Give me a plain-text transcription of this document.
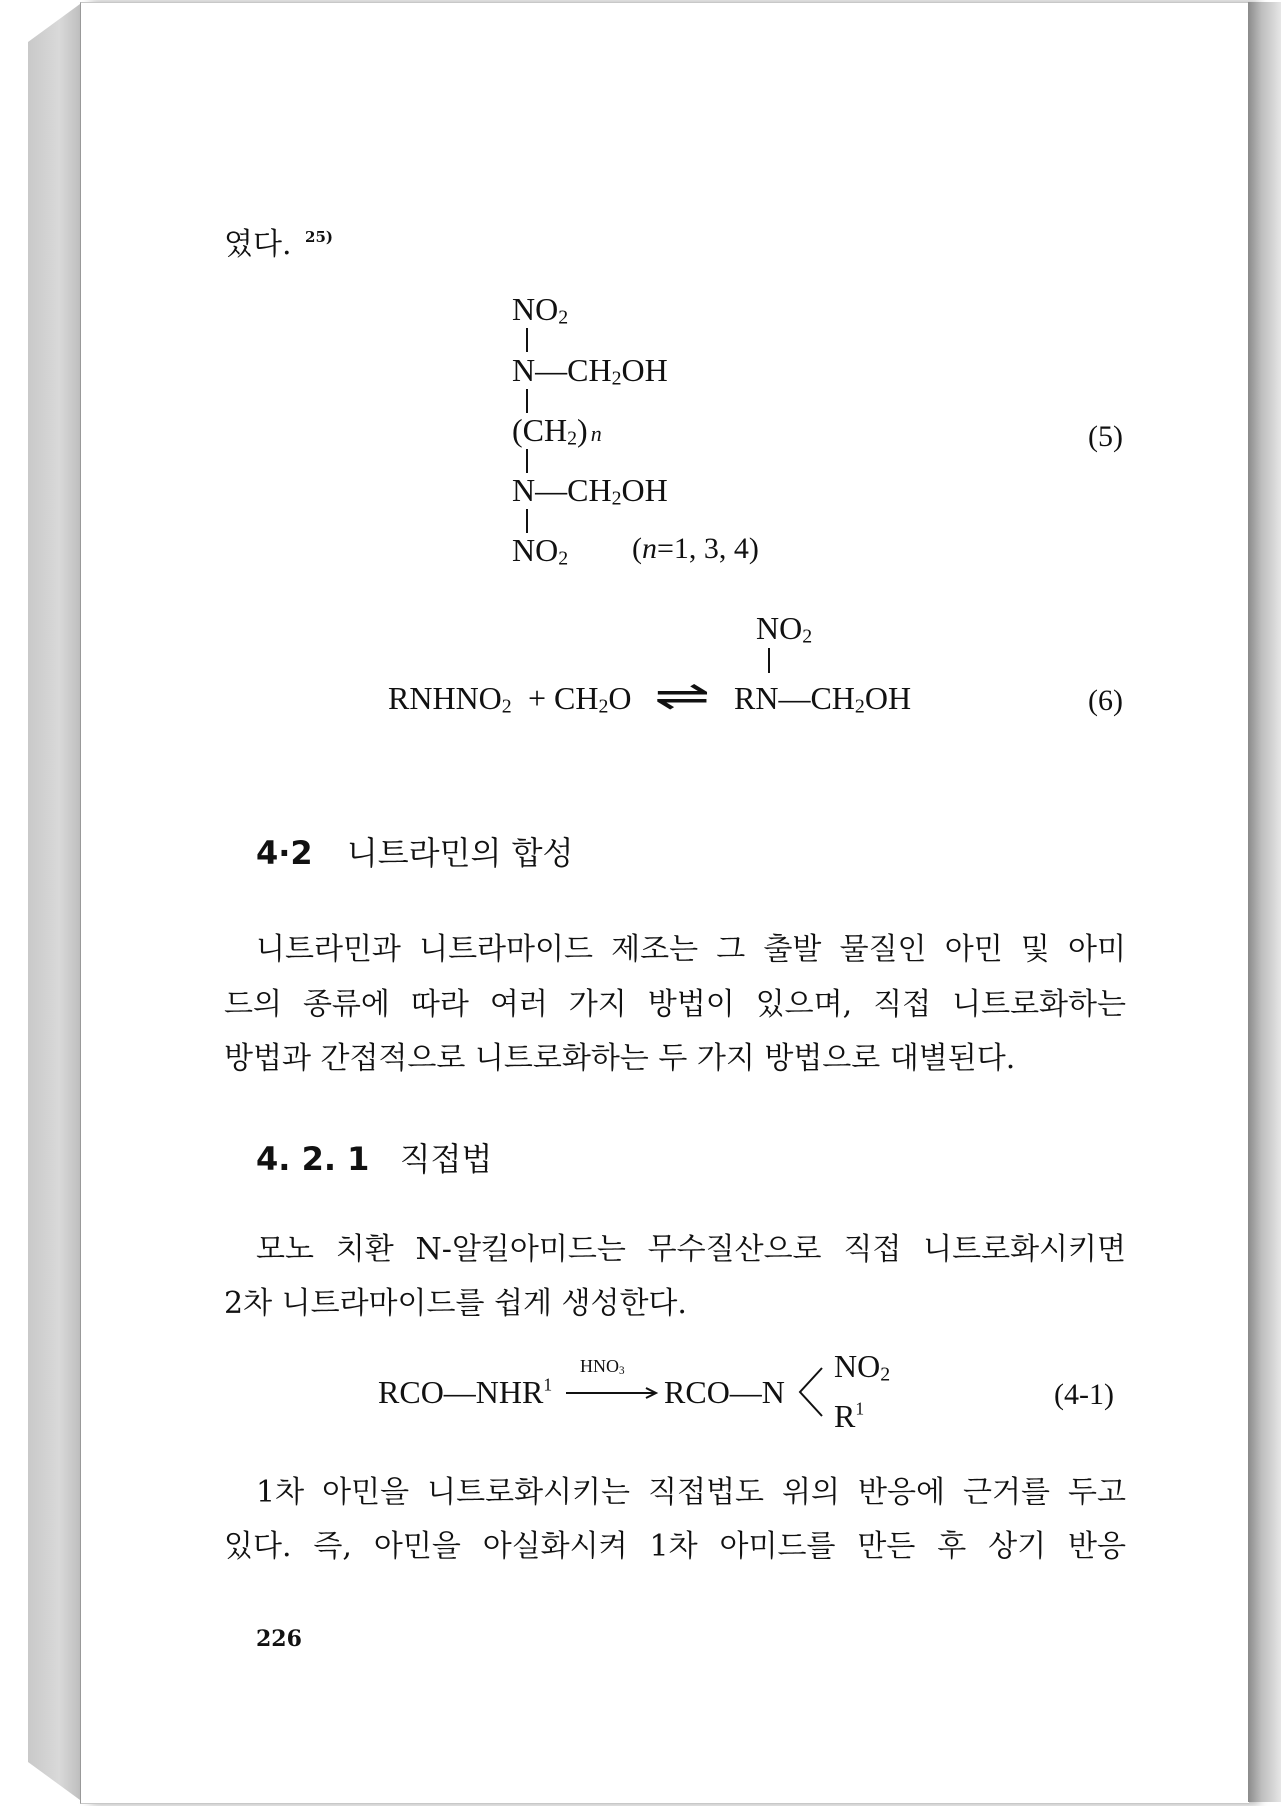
였다. $^{25)}$
NO2
N—CH2OH
(CH2) n
N—CH2OH
NO2 (n=1, 3, 4)
(5)
NO2
RNHNO2 + CH2O ⇌ RN—CH2OH	(6)
4·2 니트라민의 합성
니트라민과 니트라마이드 제조는 그 출발 물질인 아민 및 아미
드의 종류에 따라 여러 가지 방법이 있으며, 직접 니트로화하는
방법과 간접적으로 니트로화하는 두 가지 방법으로 대별된다.
4. 2. 1 직접법
모노 치환 N-알킬아미드는 무수질산으로 직접 니트로화시키면
2차 니트라마이드를 쉽게 생성한다.
RCO—NHR$^1$
HNO3
RCO—N
NO2
$R^1$	(4-1)
1차 아민을 니트로화시키는 직접법도 위의 반응에 근거를 두고
있다. 즉, 아민을 아실화시켜 1차 아미드를 만든 후 상기 반응
226
